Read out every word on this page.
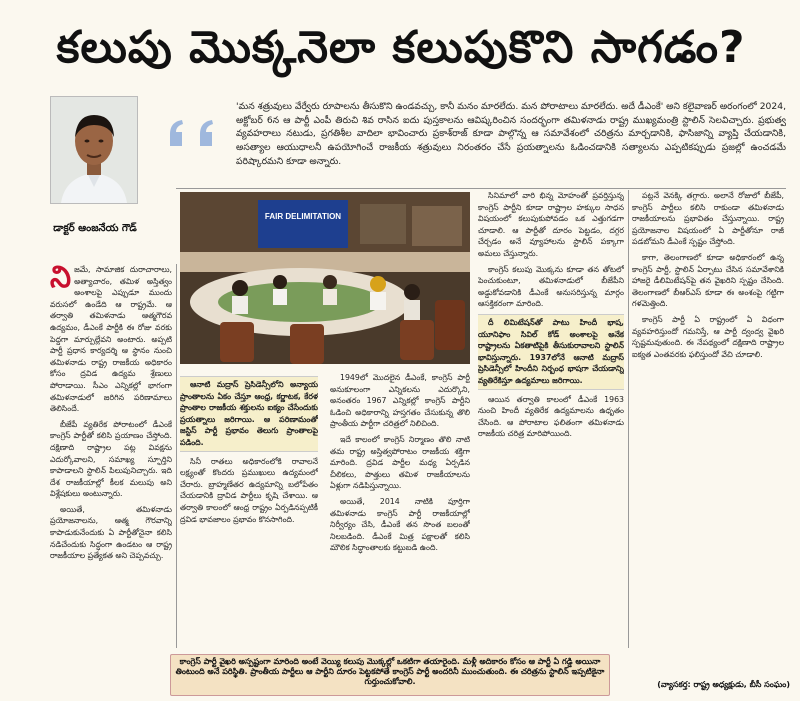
కలుపు మొక్కనెలా కలుపుకొని సాగడం?
డాక్టర్‌ ఆంజనేయ గౌడ్‌
'మన శత్రువులు వేర్వేరు రూపాలను తీసుకొని ఉండవచ్చు, కానీ మనం మారలేదు. మన పోరాటాలు మారలేదు. అదే డీఎంకే' అని కలైవాణర్‌ అరంగంలో 2024, అక్టోబర్‌ 6న ఆ పార్టీ ఎంపీ తిరుచి శివ రాసిన ఐదు పుస్తకాలను ఆవిష్కరించిన సందర్భంగా తమిళనాడు రాష్ట్ర ముఖ్యమంత్రి స్టాలిన్‌ సెలవిచ్చారు. ప్రభుత్వ వ్యవహరాలు నటుడు, ప్రగతిశీల వాదిలా భావించారు ప్రకాశ్‌రాజ్‌ కూడా పాల్గొన్న ఆ సమావేశంలో చరిత్రను మార్చడానికి, ఫాసిజాన్ని వ్యాప్తి చేయడానికి, అసత్యాల ఆయుధాలనీ ఉపయోగించే రాజకీయ శత్రువులు నిరంతరం చేసే ప్రయత్నాలను ఓడించడానికి సత్యాలను ఎప్పటికప్పుడు ప్రజల్లో ఉంచడమే పరిష్కారమని కూడా అన్నారు.
FAIR DELIMITATION
ని జమే, సామాజిక దురాచారాలు, అత్యాచారం, తమిళ అస్తిత్వం అంశాలపై ఎప్పుడూ ముందు వరుసలో ఉండేది ఆ రాష్ట్రమే. ఆ తర్వాతి తమిళనాడు ఆత్మగౌరవ ఉద్యమం, డీఎంకే పార్టీకి ఈ రోజు వరకు పెద్దగా మార్పుల్లేవని అంటారు. అప్పటి పార్టీ ప్రధాన కార్యదర్శి ఆ స్థానం నుంచి తమిళనాడు రాష్ట్ర రాజకీయ అధికారం కోసం ద్రవిడ ఉద్యమ శ్రేణులు పోరాడాయి. సీఎం ఎన్నికల్లో భాగంగా తమిళనాడులో జరిగిన పరిణామాలు తెలిసిందే.

బీజేపీ వ్యతిరేక పోరాటంలో డీఎంకే కాంగ్రెస్‌ పార్టీతో కలిసి ప్రయాణం చేస్తోంది. దక్షిణాది రాష్ట్రాల పట్ల వివక్షను ఎదుర్కోవాలని, సమాఖ్య స్ఫూర్తిని కాపాడాలని స్టాలిన్‌ పిలుపునిచ్చారు. ఇది దేశ రాజకీయాల్లో కీలక మలుపు అని విశ్లేషకులు అంటున్నారు.

అయితే, తమిళనాడు ప్రయోజనాలను, ఆత్మ గౌరవాన్ని కాపాడుకునేందుకు ఏ పార్టీతోనైనా కలిసి నడిచేందుకు సిద్ధంగా ఉండటం ఆ రాష్ట్ర రాజకీయాల ప్రత్యేకత అని చెప్పవచ్చు.

ఆనాటి మద్రాస్‌ ప్రెసిడెన్సీలోని అన్యాయ ప్రాంతాలను ఏకం చేస్తూ ఆంధ్ర, కర్ణాటక, కేరళ ప్రాంతాల రాజకీయ శక్తులను ఐక్యం చేసేందుకు ప్రయత్నాలు జరిగాయి. ఆ పరిణామంతో జస్టిస్‌ పార్టీ ప్రభావం తెలుగు ప్రాంతాలపై పడింది.

సినీ రాతలు అధికారంలోకి రావాలనే లక్ష్యంతో కొందరు ప్రముఖులు ఉద్యమంలో చేరారు. బ్రాహ్మణేతర ఉద్యమాన్ని బలోపేతం చేయడానికి ద్రావిడ పార్టీలు కృషి చేశాయి. ఆ తర్వాతి కాలంలో ఆంధ్ర రాష్ట్రం ఏర్పడినప్పటికీ ద్రవిడ భావజాలం ప్రభావం కొనసాగింది.

1949లో మొదలైన డీఎంకే, కాంగ్రెస్‌ పార్టీ అనుకూలంగా ఎన్నికలను ఎదుర్కొని, అనంతరం 1967 ఎన్నికల్లో కాంగ్రెస్‌ పార్టీని ఓడించి అధికారాన్ని హస్తగతం చేసుకున్న తొలి ప్రాంతీయ పార్టీగా చరిత్రలో నిలిచింది.

ఇదే కాలంలో కాంగ్రెస్‌ నిర్మాణం తొలి నాటి తమ రాష్ట్ర అస్తిత్వపోరాటం రాజకీయ శక్తిగా మారింది. ద్రవిడ పార్టీల మధ్య ఏర్పడిన చీలికలు, పొత్తులు తమిళ రాజకీయాలను ఏళ్లుగా నడిపిస్తున్నాయి.

అయితే, 2014 నాటికి పూర్తిగా తమిళనాడు కాంగ్రెస్‌ పార్టీ రాజకీయాల్లో నిర్వీర్యం చేసి, డీఎంకే తన సొంత బలంతో నిలబడింది. డీఎంకే మిత్ర పక్షాలతో కలిసి మౌలిక సిద్ధాంతాలకు కట్టుబడి ఉంది.

సినిమాలో వారి భిన్న మోహంతో ప్రవర్తిస్తున్న కాంగ్రెస్‌ పార్టీని కూడా రాష్ట్రాల హక్కుల సాధన విషయంలో కలుపుకుపోవడం ఒక ఎత్తుగడగా చూడాలి. ఆ పార్టీతో దూరం పెట్టడం, దగ్గర చేర్చడం అనే వ్యూహాలను స్టాలిన్‌ పక్కాగా అమలు చేస్తున్నారు.

కాంగ్రెస్‌ కలుపు మొక్కను కూడా తన తోటలో పెంచుకుంటూ, తమిళనాడులో బీజేపీని అడ్డుకోవడానికి డీఎంకే అనుసరిస్తున్న మార్గం ఆసక్తికరంగా మారింది.

దీ లిమిటేషన్‌తో పాటు హిందీ భాష, యూనిఫాం సివిల్‌ కోడ్‌ అంశాలపై అనేక రాష్ట్రాలను ఏకతాటిపైకి తీసుకురావాలని స్టాలిన్‌ భావిస్తున్నారు. 1937లోనే ఆనాటి మద్రాస్‌ ప్రెసిడెన్సీలో హిందీని నిర్బంధ భాషగా చేయడాన్ని వ్యతిరేకిస్తూ ఉద్యమాలు జరిగాయి.

ఆయిన తర్వాతి కాలంలో డీఎంకే 1963 నుంచి హిందీ వ్యతిరేక ఉద్యమాలను ఉధృతం చేసింది. ఆ పోరాటాల ఫలితంగా తమిళనాడు రాజకీయ చరిత్ర మారిపోయింది.

పట్లనే వెనక్కి తగ్గారు. అలానే రోజులో బీజేపీ, కాంగ్రెస్‌ పార్టీలు కలిసి రాకుండా తమిళనాడు రాజకీయాలను ప్రభావితం చేస్తున్నాయి. రాష్ట్ర ప్రయోజనాల విషయంలో ఏ పార్టీతోనూ రాజీ పడబోమని డీఎంకే స్పష్టం చేస్తోంది.

కాగా, తెలంగాణలో కూడా అధికారంలో ఉన్న కాంగ్రెస్‌ పార్టీ, స్టాలిన్‌ ఏర్పాటు చేసిన సమావేశానికి హాజరై డీలిమిటేషన్‌పై తన వైఖరిని స్పష్టం చేసింది. తెలంగాణలో బీఆర్‌ఎస్‌ కూడా ఈ అంశంపై గట్టిగా గళమెత్తింది.

కాంగ్రెస్‌ పార్టీ ఏ రాష్ట్రంలో ఏ విధంగా వ్యవహరిస్తుందో గమనిస్తే, ఆ పార్టీ ద్వంద్వ వైఖరి స్పష్టమవుతుంది. ఈ నేపథ్యంలో దక్షిణాది రాష్ట్రాల ఐక్యత ఎంతవరకు ఫలిస్తుందో వేచి చూడాలి.

కాంగ్రెస్‌ పార్టీ వైఖరి అస్పష్టంగా మారింది అంటే వెయ్యి కలుపు మొక్కల్లో ఒకటిగా తయారైంది. మళ్లీ అదికారం కోసం ఆ పార్టీ ఏ గడ్డి అయినా తింటుంది అనే పరిస్థితి. ప్రాంతీయ పార్టీలు ఆ పార్టీని దూరం పెట్టకపోతే కాంగ్రెస్‌ పార్టీ అందరినీ ముంచుతుంది. ఈ చరిత్రను స్టాలిన్‌ ఇప్పటికైనా గుర్తుంచుకోవాలి.	(వ్యాసకర్త: రాష్ట్ర అధ్యక్షుడు, బీసీ సంఘం)
